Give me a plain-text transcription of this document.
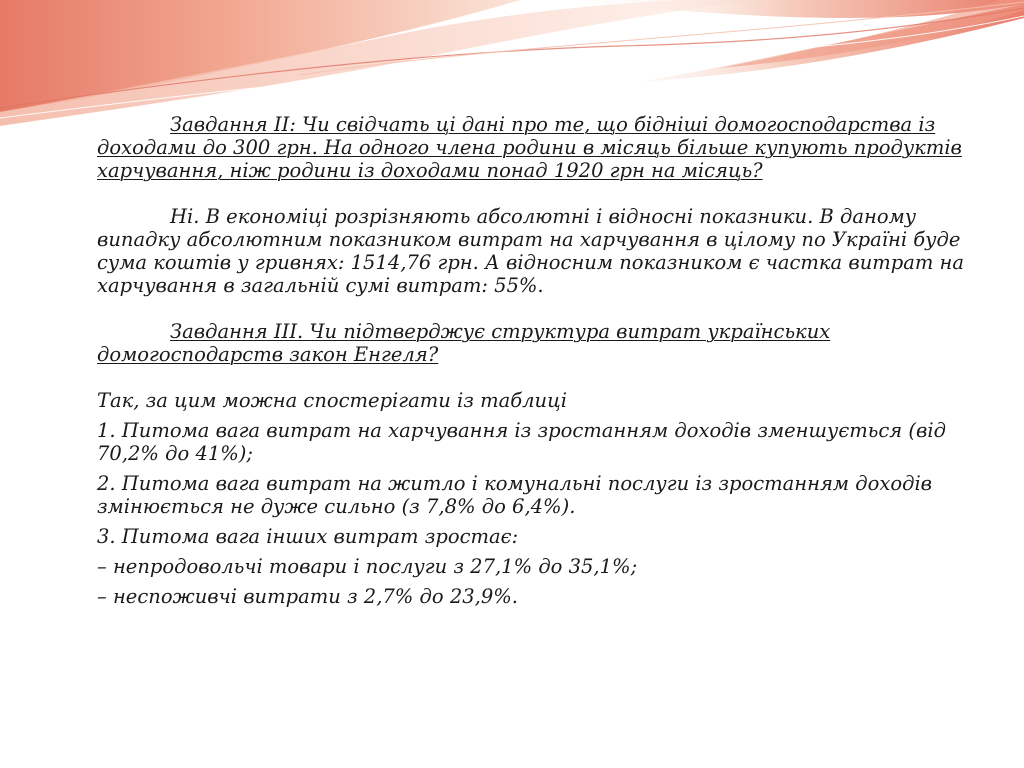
Завдання ІІ: Чи свідчать ці дані про те, що бідніші домогосподарства із доходами до 300 грн. На одного члена родини в місяць більше купують продуктів харчування, ніж родини із доходами понад 1920 грн на місяць?

Ні. В економіці розрізняють абсолютні і відносні показники. В даному випадку абсолютним показником витрат на харчування в цілому по Україні буде сума коштів у гривнях: 1514,76 грн. А відносним показником є частка витрат на харчування в загальній сумі витрат: 55%.

Завдання ІІІ. Чи підтверджує структура витрат українських домогосподарств закон Енгеля?

Так, за цим можна спостерігати із таблиці

1. Питома вага витрат на харчування із зростанням доходів зменшується (від 70,2% до 41%);

2. Питома вага витрат на житло і комунальні послуги із зростанням доходів змінюється не дуже сильно (з 7,8% до 6,4%).

3. Питома вага інших витрат зростає:

– непродовольчі товари і послуги з 27,1% до 35,1%;

– неспоживчі витрати з 2,7% до 23,9%.
